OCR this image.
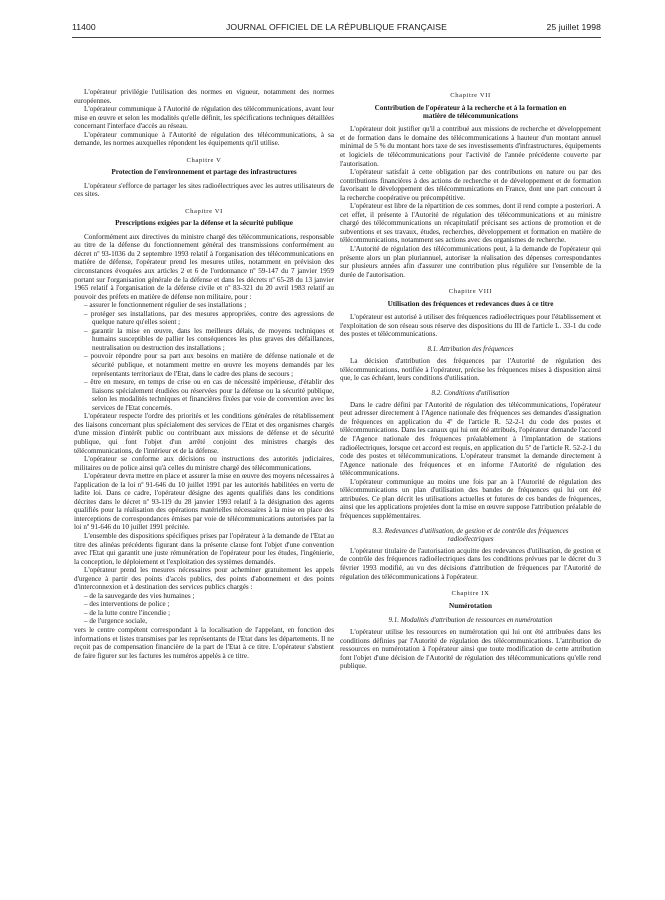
11400	JOURNAL OFFICIEL DE LA RÉPUBLIQUE FRANÇAISE	25 juillet 1998

L'opérateur privilégie l'utilisation des normes en vigueur, notamment des normes européennes.

L'opérateur communique à l'Autorité de régulation des télécommunications, avant leur mise en œuvre et selon les modalités qu'elle définit, les spécifications techniques détaillées concernant l'interface d'accès au réseau.

L'opérateur communique à l'Autorité de régulation des télécommunications, à sa demande, les normes auxquelles répondent les équipements qu'il utilise.

Chapitre V
Protection de l'environnement et partage des infrastructures

L'opérateur s'efforce de partager les sites radioélectriques avec les autres utilisateurs de ces sites.

Chapitre VI
Prescriptions exigées par la défense et la sécurité publique

Conformément aux directives du ministre chargé des télécommunications, responsable au titre de la défense du fonctionnement général des transmissions conformément au décret nº 93-1036 du 2 septembre 1993 relatif à l'organisation des télécommunications en matière de défense, l'opérateur prend les mesures utiles, notamment en prévision des circonstances évoquées aux articles 2 et 6 de l'ordonnance nº 59-147 du 7 janvier 1959 portant sur l'organisation générale de la défense et dans les décrets nº 65-28 du 13 janvier 1965 relatif à l'organisation de la défense civile et nº 83-321 du 20 avril 1983 relatif au pouvoir des préfets en matière de défense non militaire, pour :

– assurer le fonctionnement régulier de ses installations ;
– protéger ses installations, par des mesures appropriées, contre des agressions de quelque nature qu'elles soient ;
– garantir la mise en œuvre, dans les meilleurs délais, de moyens techniques et humains susceptibles de pallier les conséquences les plus graves des défaillances, neutralisation ou destruction des installations ;
– pouvoir répondre pour sa part aux besoins en matière de défense nationale et de sécurité publique, et notamment mettre en œuvre les moyens demandés par les représentants territoriaux de l'Etat, dans le cadre des plans de secours ;
– être en mesure, en temps de crise ou en cas de nécessité impérieuse, d'établir des liaisons spécialement étudiées ou réservées pour la défense ou la sécurité publique, selon les modalités techniques et financières fixées par voie de convention avec les services de l'Etat concernés.

L'opérateur respecte l'ordre des priorités et les conditions générales de rétablissement des liaisons concernant plus spécialement des services de l'Etat et des organismes chargés d'une mission d'intérêt public ou contribuant aux missions de défense et de sécurité publique, qui font l'objet d'un arrêté conjoint des ministres chargés des télécommunications, de l'intérieur et de la défense.

L'opérateur se conforme aux décisions ou instructions des autorités judiciaires, militaires ou de police ainsi qu'à celles du ministre chargé des télécommunications.

L'opérateur devra mettre en place et assurer la mise en œuvre des moyens nécessaires à l'application de la loi nº 91-646 du 10 juillet 1991 par les autorités habilitées en vertu de ladite loi. Dans ce cadre, l'opérateur désigne des agents qualifiés dans les conditions décrites dans le décret nº 93-119 du 28 janvier 1993 relatif à la désignation des agents qualifiés pour la réalisation des opérations matérielles nécessaires à la mise en place des interceptions de correspondances émises par voie de télécommunications autorisées par la loi nº 91-646 du 10 juillet 1991 précitée.

L'ensemble des dispositions spécifiques prises par l'opérateur à la demande de l'Etat au titre des alinéas précédents figurant dans la présente clause font l'objet d'une convention avec l'Etat qui garantit une juste rémunération de l'opérateur pour les études, l'ingénierie, la conception, le déploiement et l'exploitation des systèmes demandés.

L'opérateur prend les mesures nécessaires pour acheminer gratuitement les appels d'urgence à partir des points d'accès publics, des points d'abonnement et des points d'interconnexion et à destination des services publics chargés :

– de la sauvegarde des vies humaines ;
– des interventions de police ;
– de la lutte contre l'incendie ;
– de l'urgence sociale,

vers le centre compétent correspondant à la localisation de l'appelant, en fonction des informations et listes transmises par les représentants de l'Etat dans les départements. Il ne reçoit pas de compensation financière de la part de l'Etat à ce titre. L'opérateur s'abstient de faire figurer sur les factures les numéros appelés à ce titre.

Chapitre VII
Contribution de l'opérateur à la recherche et à la formation en matière de télécommunications

L'opérateur doit justifier qu'il a contribué aux missions de recherche et développement et de formation dans le domaine des télécommunications à hauteur d'un montant annuel minimal de 5 % du montant hors taxe de ses investissements d'infrastructures, équipements et logiciels de télécommunications pour l'activité de l'année précédente couverte par l'autorisation.

L'opérateur satisfait à cette obligation par des contributions en nature ou par des contributions financières à des actions de recherche et de développement et de formation favorisant le développement des télécommunications en France, dont une part concourt à la recherche coopérative ou précompétitive.

L'opérateur est libre de la répartition de ces sommes, dont il rend compte a posteriori. A cet effet, il présente à l'Autorité de régulation des télécommunications et au ministre chargé des télécommunications un récapitulatif précisant ses actions de promotion et de subventions et ses travaux, études, recherches, développement et formation en matière de télécommunications, notamment ses actions avec des organismes de recherche.

L'Autorité de régulation des télécommunications peut, à la demande de l'opérateur qui présente alors un plan pluriannuel, autoriser la réalisation des dépenses correspondantes sur plusieurs années afin d'assurer une contribution plus régulière sur l'ensemble de la durée de l'autorisation.

Chapitre VIII
Utilisation des fréquences et redevances dues à ce titre

L'opérateur est autorisé à utiliser des fréquences radioélectriques pour l'établissement et l'exploitation de son réseau sous réserve des dispositions du III de l'article L. 33-1 du code des postes et télécommunications.

8.1. Attribution des fréquences

La décision d'attribution des fréquences par l'Autorité de régulation des télécommunications, notifiée à l'opérateur, précise les fréquences mises à disposition ainsi que, le cas échéant, leurs conditions d'utilisation.

8.2. Conditions d'utilisation

Dans le cadre défini par l'Autorité de régulation des télécommunications, l'opérateur peut adresser directement à l'Agence nationale des fréquences ses demandes d'assignation de fréquences en application du 4º de l'article R. 52-2-1 du code des postes et télécommunications. Dans les canaux qui lui ont été attribués, l'opérateur demande l'accord de l'Agence nationale des fréquences préalablement à l'implantation de stations radioélectriques, lorsque cet accord est requis, en application du 5º de l'article R. 52-2-1 du code des postes et télécommunications. L'opérateur transmet la demande directement à l'Agence nationale des fréquences et en informe l'Autorité de régulation des télécommunications.

L'opérateur communique au moins une fois par an à l'Autorité de régulation des télécommunications un plan d'utilisation des bandes de fréquences qui lui ont été attribuées. Ce plan décrit les utilisations actuelles et futures de ces bandes de fréquences, ainsi que les applications projetées dont la mise en œuvre suppose l'attribution préalable de fréquences supplémentaires.

8.3. Redevances d'utilisation, de gestion et de contrôle des fréquences radioélectriques

L'opérateur titulaire de l'autorisation acquitte des redevances d'utilisation, de gestion et de contrôle des fréquences radioélectriques dans les conditions prévues par le décret du 3 février 1993 modifié, au vu des décisions d'attribution de fréquences par l'Autorité de régulation des télécommunications à l'opérateur.

Chapitre IX
Numérotation
9.1. Modalités d'attribution de ressources en numérotation

L'opérateur utilise les ressources en numérotation qui lui ont été attribuées dans les conditions définies par l'Autorité de régulation des télécommunications. L'attribution de ressources en numérotation à l'opérateur ainsi que toute modification de cette attribution font l'objet d'une décision de l'Autorité de régulation des télécommunications qu'elle rend publique.
